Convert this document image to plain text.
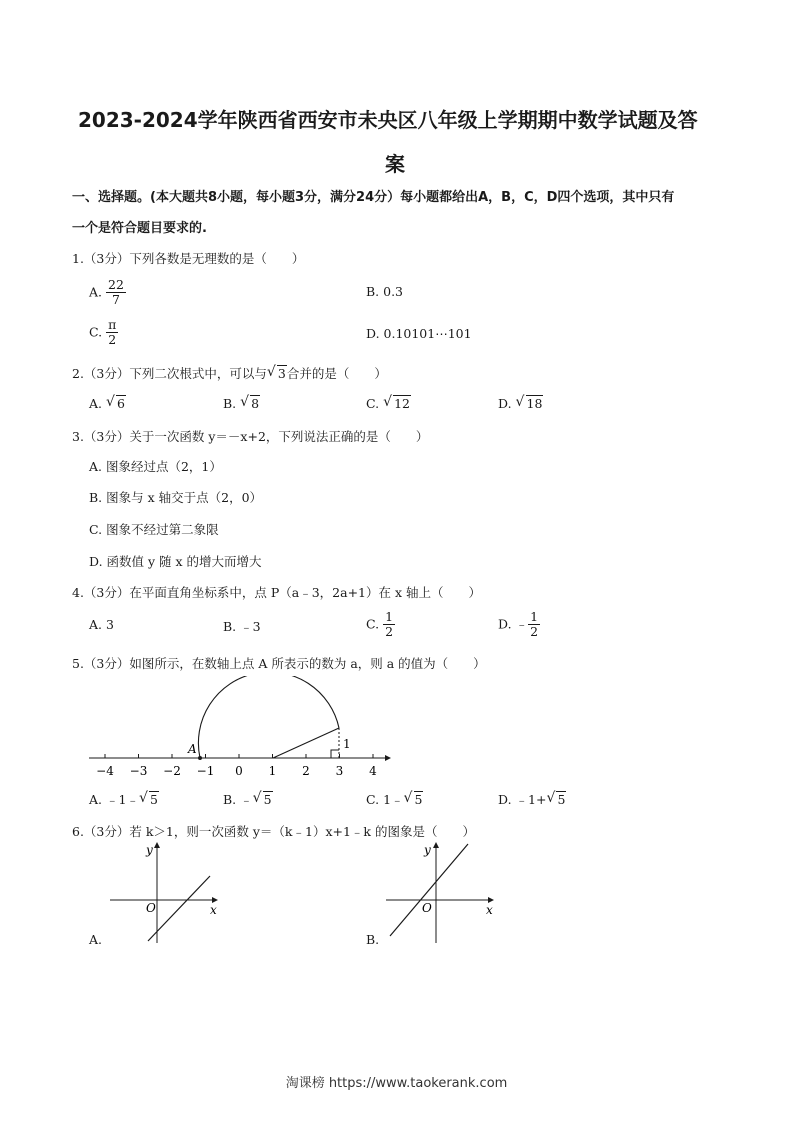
2023-2024学年陕西省西安市未央区八年级上学期期中数学试题及答
案
一、选择题。(本大题共8小题，每小题3分，满分24分）每小题都给出A，B，C，D四个选项，其中只有
一个是符合题目要求的.
1.（3分）下列各数是无理数的是（　　）
A. $\frac{22}{7}$	B. 0.3
C. $\frac{\pi}{2}$	D. 0.10101⋯101
2.（3分）下列二次根式中，可以与 √ 3合并的是（　　）
A. √ 6	B. √ 8	C. √ 12	D. √ 18
3.（3分）关于一次函数 y＝－x+2，下列说法正确的是（　　）
A. 图象经过点（2，1）
B. 图象与 x 轴交于点（2，0）
C. 图象不经过第二象限
D. 函数值 y 随 x 的增大而增大
4.（3分）在平面直角坐标系中，点 P（a﹣3，2a+1）在 x 轴上（　　）
A. 3	B. ﹣3	C. $\frac{1}{2}$	D. ﹣ $\frac{1}{2}$
5.（3分）如图所示，在数轴上点 A 所表示的数为 a，则 a 的值为（　　）
−4 −3 −2 −1 0 1 2 3 4
A	1
A. ﹣1﹣ √ 5	B. ﹣ √ 5	C. 1﹣ √ 5	D. ﹣1+ √ 5
6.（3分）若 k＞1，则一次函数 y＝（k﹣1）x+1﹣k 的图象是（　　）
y
x
O
A.
y
x
O
B.
淘课榜 https://www.taokerank.com
